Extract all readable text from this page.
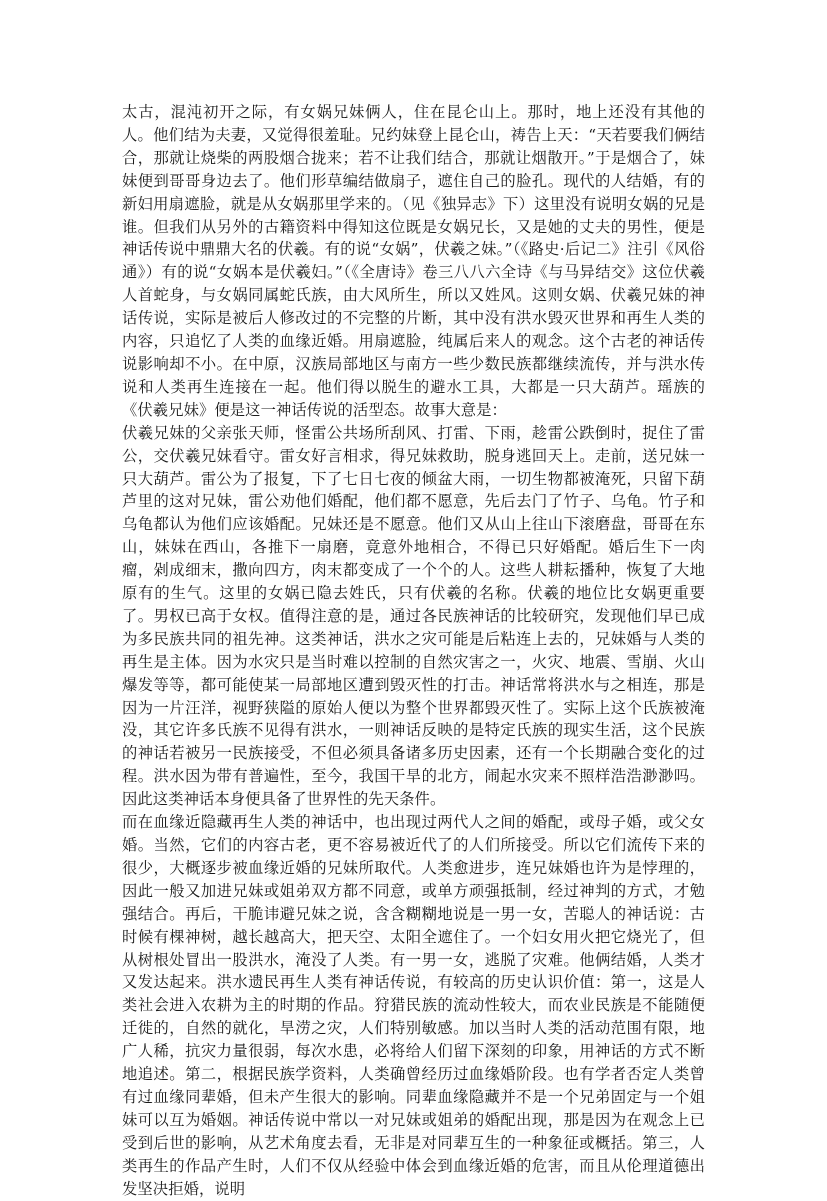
太古，混沌初开之际，有女娲兄妹俩人，住在昆仑山上。那时，地上还没有其他的人。他们结为夫妻，又觉得很羞耻。兄约妹登上昆仑山，祷告上天：“天若要我们俩结合，那就让烧柴的两股烟合拢来；若不让我们结合，那就让烟散开。”于是烟合了，妹妹便到哥哥身边去了。他们形草编结做扇子，遮住自己的脸孔。现代的人结婚，有的新妇用扇遮脸，就是从女娲那里学来的。（见《独异志》下）这里没有说明女娲的兄是谁。但我们从另外的古籍资料中得知这位既是女娲兄长，又是她的丈夫的男性，便是神话传说中鼎鼎大名的伏羲。有的说“女娲”，伏羲之妹。”（《路史·后记二》注引《风俗通》）有的说“女娲本是伏羲妇。”（《全唐诗》卷三八八六全诗《与马异结交》这位伏羲人首蛇身，与女娲同属蛇氏族，由大风所生，所以又姓风。这则女娲、伏羲兄妹的神话传说，实际是被后人修改过的不完整的片断，其中没有洪水毁灭世界和再生人类的内容，只追忆了人类的血缘近婚。用扇遮脸，纯属后来人的观念。这个古老的神话传说影响却不小。在中原，汉族局部地区与南方一些少数民族都继续流传，并与洪水传说和人类再生连接在一起。他们得以脱生的避水工具，大都是一只大葫芦。瑶族的《伏羲兄妹》便是这一神话传说的活型态。故事大意是：

伏羲兄妹的父亲张天师，怪雷公共场所刮风、打雷、下雨，趁雷公跌倒时，捉住了雷公，交伏羲兄妹看守。雷女好言相求，得兄妹救助，脱身逃回天上。走前，送兄妹一只大葫芦。雷公为了报复，下了七日七夜的倾盆大雨，一切生物都被淹死，只留下葫芦里的这对兄妹，雷公劝他们婚配，他们都不愿意，先后去门了竹子、乌龟。竹子和乌龟都认为他们应该婚配。兄妹还是不愿意。他们又从山上往山下滚磨盘，哥哥在东山，妹妹在西山，各推下一扇磨，竟意外地相合，不得已只好婚配。婚后生下一肉瘤，剁成细末，撒向四方，肉末都变成了一个个的人。这些人耕耘播种，恢复了大地原有的生气。这里的女娲已隐去姓氏，只有伏羲的名称。伏羲的地位比女娲更重要了。男权已高于女权。值得注意的是，通过各民族神话的比较研究，发现他们早已成为多民族共同的祖先神。这类神话，洪水之灾可能是后粘连上去的，兄妹婚与人类的再生是主体。因为水灾只是当时难以控制的自然灾害之一，火灾、地震、雪崩、火山爆发等等，都可能使某一局部地区遭到毁灭性的打击。神话常将洪水与之相连，那是因为一片汪洋，视野狭隘的原始人便以为整个世界都毁灭性了。实际上这个氏族被淹没，其它许多氏族不见得有洪水，一则神话反映的是特定氏族的现实生活，这个民族的神话若被另一民族接受，不但必须具备诸多历史因素，还有一个长期融合变化的过程。洪水因为带有普遍性，至今，我国干旱的北方，闹起水灾来不照样浩浩渺渺吗。因此这类神话本身便具备了世界性的先天条件。

而在血缘近隐藏再生人类的神话中，也出现过两代人之间的婚配，或母子婚，或父女婚。当然，它们的内容古老，更不容易被近代了的人们所接受。所以它们流传下来的很少，大概逐步被血缘近婚的兄妹所取代。人类愈进步，连兄妹婚也许为是悖理的，因此一般又加进兄妹或姐弟双方都不同意，或单方顽强抵制，经过神判的方式，才勉强结合。再后，干脆讳避兄妹之说，含含糊糊地说是一男一女，苦聪人的神话说：古时候有棵神树，越长越高大，把天空、太阳全遮住了。一个妇女用火把它烧光了，但从树根处冒出一股洪水，淹没了人类。有一男一女，逃脱了灾难。他俩结婚，人类才又发达起来。洪水遗民再生人类有神话传说，有较高的历史认识价值：第一，这是人类社会进入农耕为主的时期的作品。狩猎民族的流动性较大，而农业民族是不能随便迁徙的，自然的就化，旱涝之灾，人们特别敏感。加以当时人类的活动范围有限，地广人稀，抗灾力量很弱，每次水患，必将给人们留下深刻的印象，用神话的方式不断地追述。第二，根据民族学资料，人类确曾经历过血缘婚阶段。也有学者否定人类曾有过血缘同辈婚，但未产生很大的影响。同辈血缘隐藏并不是一个兄弟固定与一个姐妹可以互为婚姻。神话传说中常以一对兄妹或姐弟的婚配出现，那是因为在观念上已受到后世的影响，从艺术角度去看，无非是对同辈互生的一种象征或概括。第三，人类再生的作品产生时，人们不仅从经验中体会到血缘近婚的危害，而且从伦理道德出发坚决拒婚，说明
